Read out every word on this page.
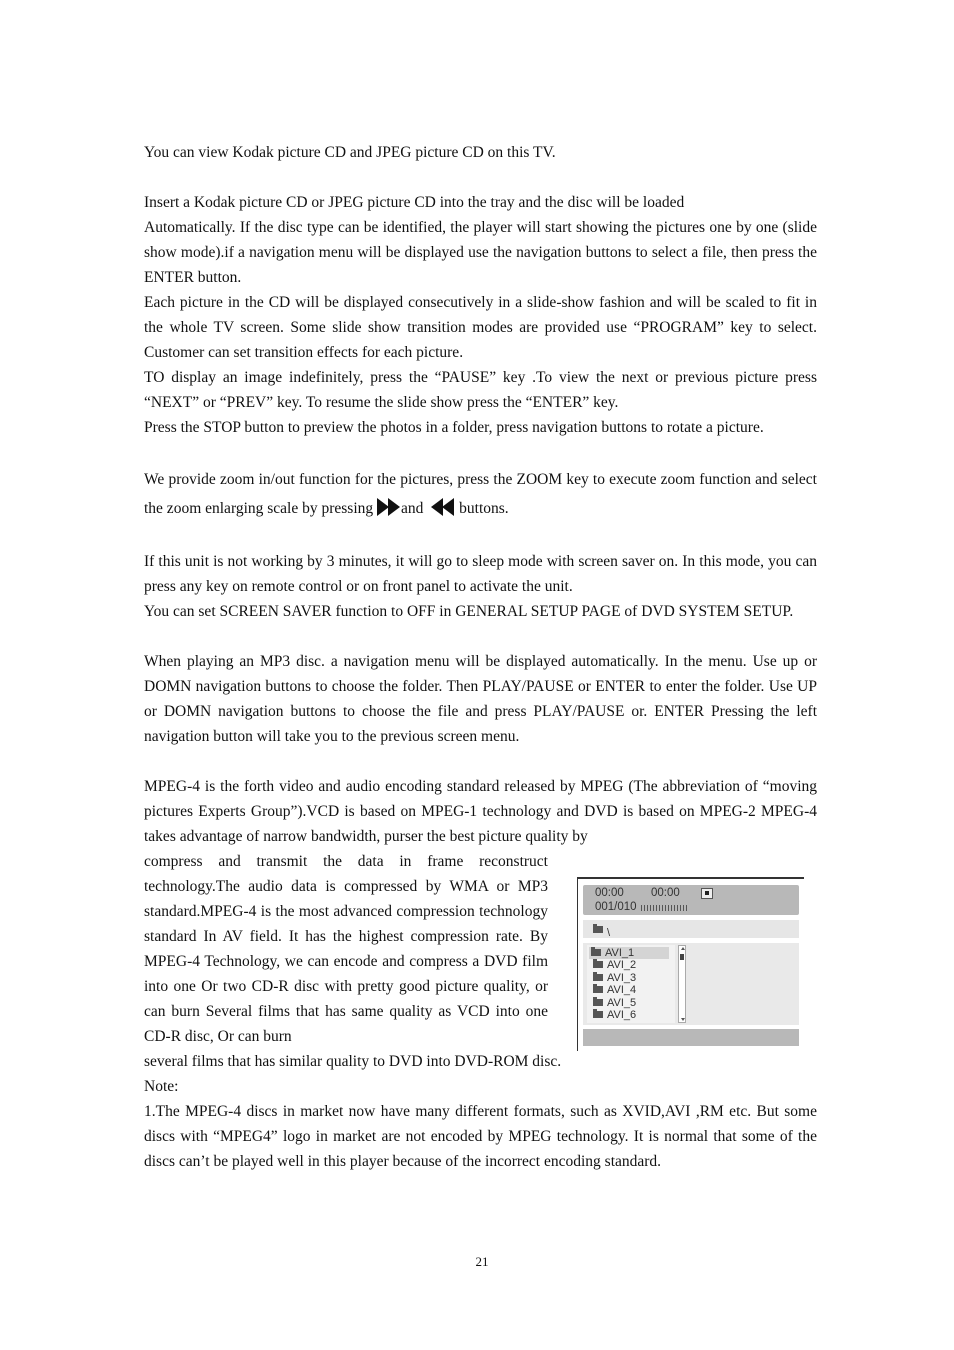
You can view Kodak picture CD and JPEG picture CD on this TV.

Insert a Kodak picture CD or JPEG picture CD into the tray and the disc will be loaded

Automatically. If the disc type can be identified, the player will start showing the pictures one by one (slide show mode).if a navigation menu will be displayed use the navigation buttons to select a file, then press the ENTER button.

Each picture in the CD will be displayed consecutively in a slide-show fashion and will be scaled to fit in the whole TV screen. Some slide show transition modes are provided use “PROGRAM” key to select. Customer can set transition effects for each picture.

TO display an image indefinitely, press the “PAUSE” key .To view the next or previous picture press “NEXT” or “PREV” key. To resume the slide show press the “ENTER” key.

Press the STOP button to preview the photos in a folder, press navigation buttons to rotate a picture.

We provide zoom in/out function for the pictures, press the ZOOM key to execute zoom function and select the zoom enlarging scale by pressing and  buttons.

If this unit is not working by 3 minutes, it will go to sleep mode with screen saver on. In this mode, you can press any key on remote control or on front panel to activate the unit.

You can set SCREEN SAVER function to OFF in GENERAL SETUP PAGE of DVD SYSTEM SETUP.

When playing an MP3 disc. a navigation menu will be displayed automatically. In the menu. Use up or DOMN navigation buttons to choose the folder. Then PLAY/PAUSE or ENTER to enter the folder. Use UP or DOMN navigation buttons to choose the file and press PLAY/PAUSE or. ENTER Pressing the left navigation button will take you to the previous screen menu.

MPEG-4 is the forth video and audio encoding standard released by MPEG (The abbreviation of “moving pictures Experts Group”).VCD is based on MPEG-1 technology and DVD is based on MPEG-2 MPEG-4 takes advantage of narrow bandwidth, purser the best picture quality by

compress and transmit the data in frame reconstruct technology.The audio data is compressed by WMA or MP3 standard.MPEG-4 is the most advanced compression technology standard In AV field. It has the highest compression rate. By MPEG-4 Technology, we can encode and compress a DVD film into one Or two CD-R disc with pretty good picture quality, or can burn Several films that has same quality as VCD into one CD-R disc, Or can burn

several films that has similar quality to DVD into DVD-ROM disc.

Note:

1.The MPEG-4 discs in market now have many different formats, such as XVID,AVI ,RM etc. But some discs with “MPEG4” logo in market are not encoded by MPEG technology. It is normal that some of the discs can’t be played well in this player because of the incorrect encoding standard.

00:00 00:00
001/010
\
AVI_1
AVI_2
AVI_3
AVI_4
AVI_5
AVI_6
21
